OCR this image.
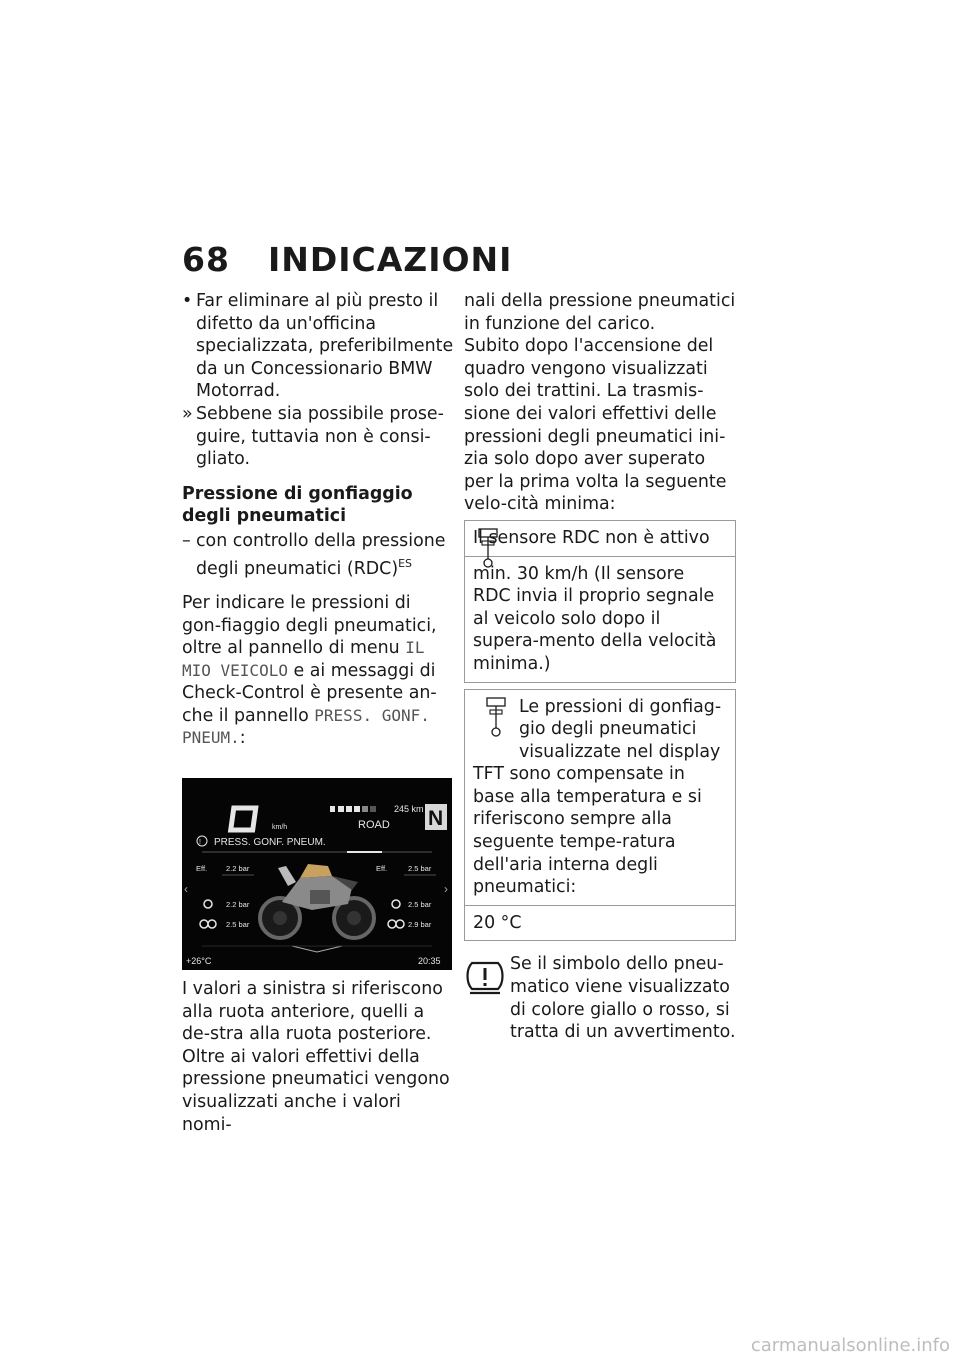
68 INDICAZIONI

• Far eliminare al più presto il difetto da un'officina specializzata, preferibilmente da un Concessionario BMW Motorrad.

» Sebbene sia possibile prose-guire, tuttavia non è consi-gliato.

Pressione di gonfiaggio degli pneumatici

– con controllo della pressione degli pneumatici (RDC)$^{ES}$

Per indicare le pressioni di gon-fiaggio degli pneumatici, oltre al pannello di menu IL MIO VEICOLO e ai messaggi di Check-Control è presente an-che il pannello PRESS. GONF. PNEUM.:

km/h
0	245 km
ROAD N
! PRESS. GONF. PNEUM.
Eff.	2.2 bar	Eff.	2.5 bar
‹	›
2.2 bar
2.5 bar
2.5 bar
2.9 bar
+26°C	20:35

I valori a sinistra si riferiscono alla ruota anteriore, quelli a de-stra alla ruota posteriore.

Oltre ai valori effettivi della pressione pneumatici vengono visualizzati anche i valori nomi-

nali della pressione pneumatici in funzione del carico.

Subito dopo l'accensione del quadro vengono visualizzati solo dei trattini. La trasmis-sione dei valori effettivi delle pressioni degli pneumatici ini-zia solo dopo aver superato per la prima volta la seguente velo-cità minima:

Il sensore RDC non è attivo
min. 30 km/h (Il sensore RDC invia il proprio segnale al veicolo solo dopo il supera-mento della velocità minima.)
Le pressioni di gonfiag-gio degli pneumatici visualizzate nel display TFT sono compensate in base alla temperatura e si riferiscono sempre alla seguente tempe-ratura dell'aria interna degli pneumatici:
20 °C
Se il simbolo dello pneu-matico viene visualizzato di colore giallo o rosso, si tratta di un avvertimento.
carmanualsonline.info
